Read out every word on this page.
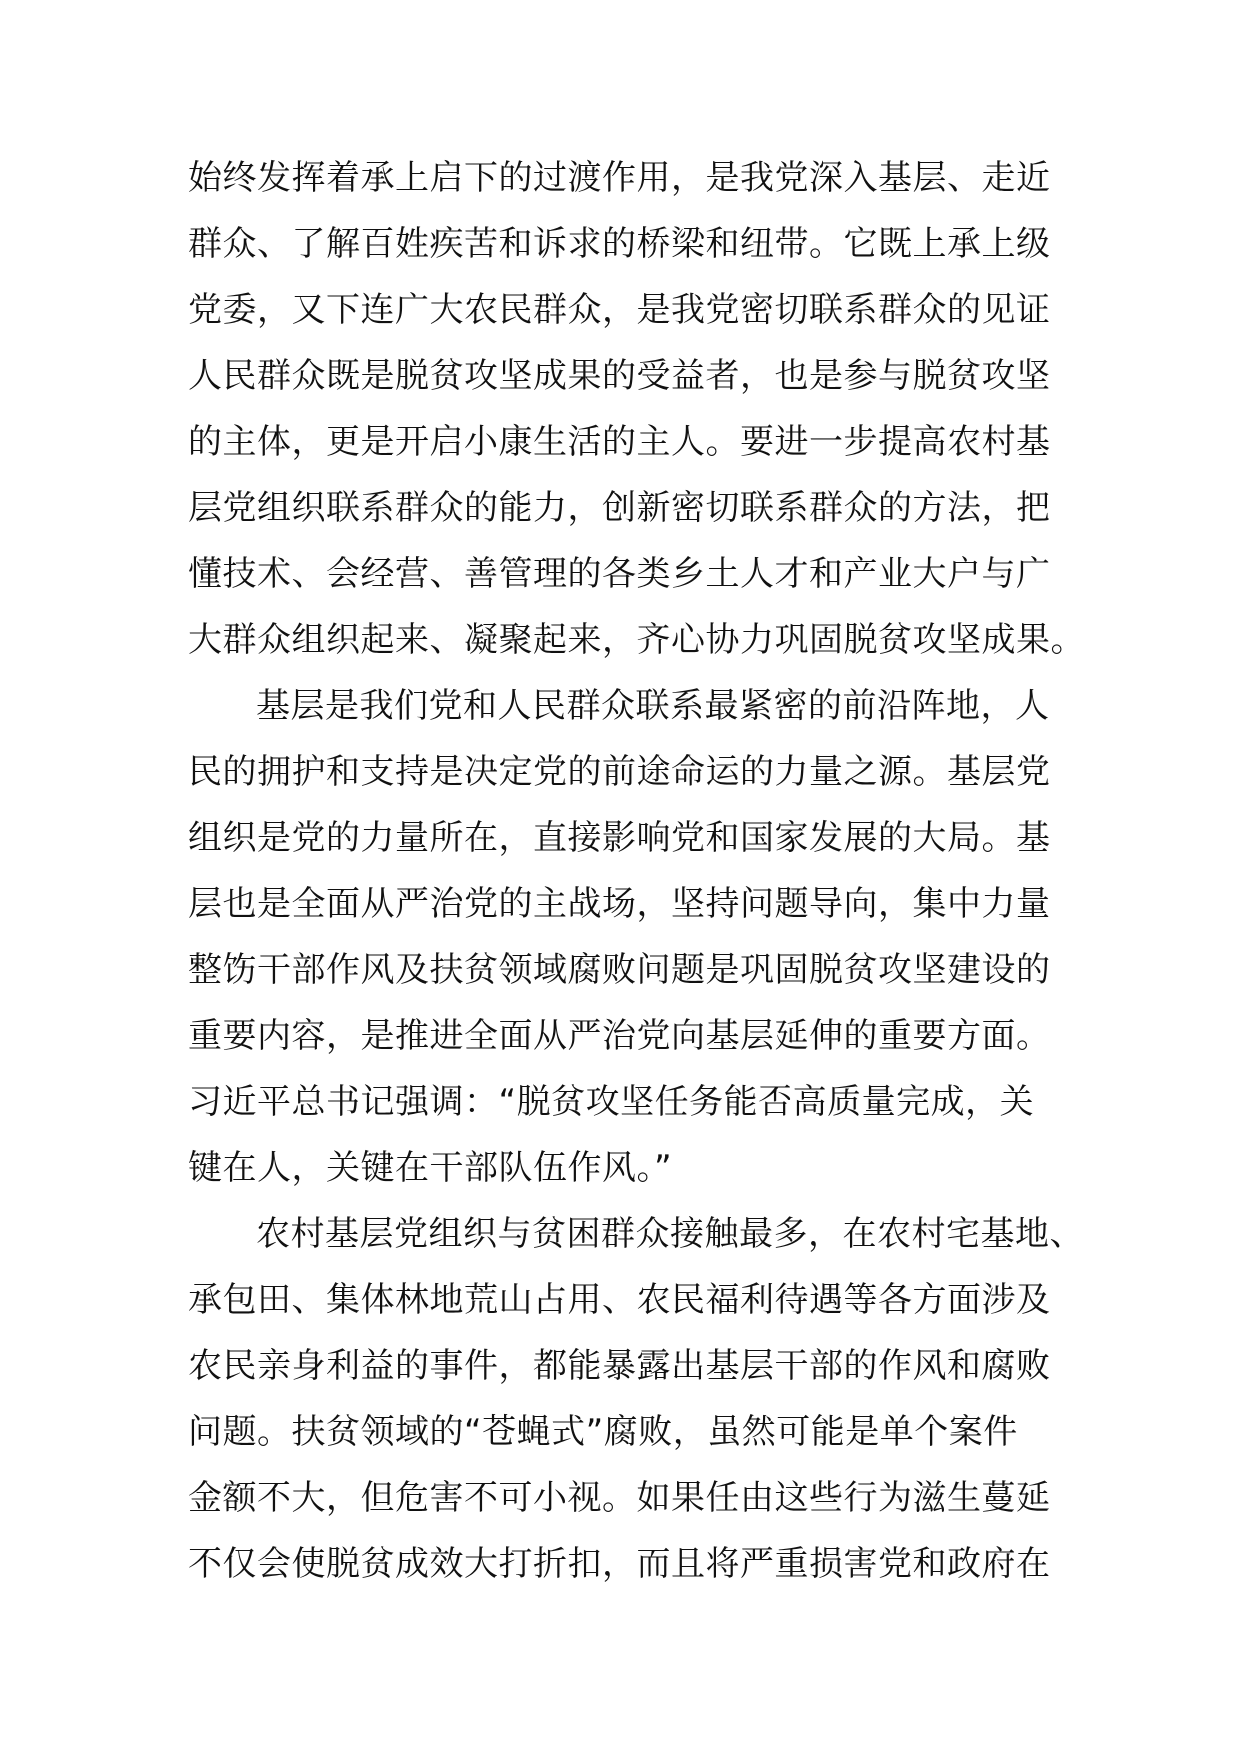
始终发挥着承上启下的过渡作用，是我党深入基层、走近
群众、了解百姓疾苦和诉求的桥梁和纽带。它既上承上级
党委，又下连广大农民群众，是我党密切联系群众的见证
人民群众既是脱贫攻坚成果的受益者，也是参与脱贫攻坚
的主体，更是开启小康生活的主人。要进一步提高农村基
层党组织联系群众的能力，创新密切联系群众的方法，把
懂技术、会经营、善管理的各类乡土人才和产业大户与广
大群众组织起来、凝聚起来，齐心协力巩固脱贫攻坚成果。
基层是我们党和人民群众联系最紧密的前沿阵地，人
民的拥护和支持是决定党的前途命运的力量之源。基层党
组织是党的力量所在，直接影响党和国家发展的大局。基
层也是全面从严治党的主战场，坚持问题导向，集中力量
整饬干部作风及扶贫领域腐败问题是巩固脱贫攻坚建设的
重要内容，是推进全面从严治党向基层延伸的重要方面。
习近平总书记强调：“脱贫攻坚任务能否高质量完成，关
键在人，关键在干部队伍作风。”
农村基层党组织与贫困群众接触最多，在农村宅基地、
承包田、集体林地荒山占用、农民福利待遇等各方面涉及
农民亲身利益的事件，都能暴露出基层干部的作风和腐败
问题。扶贫领域的“苍蝇式”腐败，虽然可能是单个案件
金额不大，但危害不可小视。如果任由这些行为滋生蔓延
不仅会使脱贫成效大打折扣，而且将严重损害党和政府在
